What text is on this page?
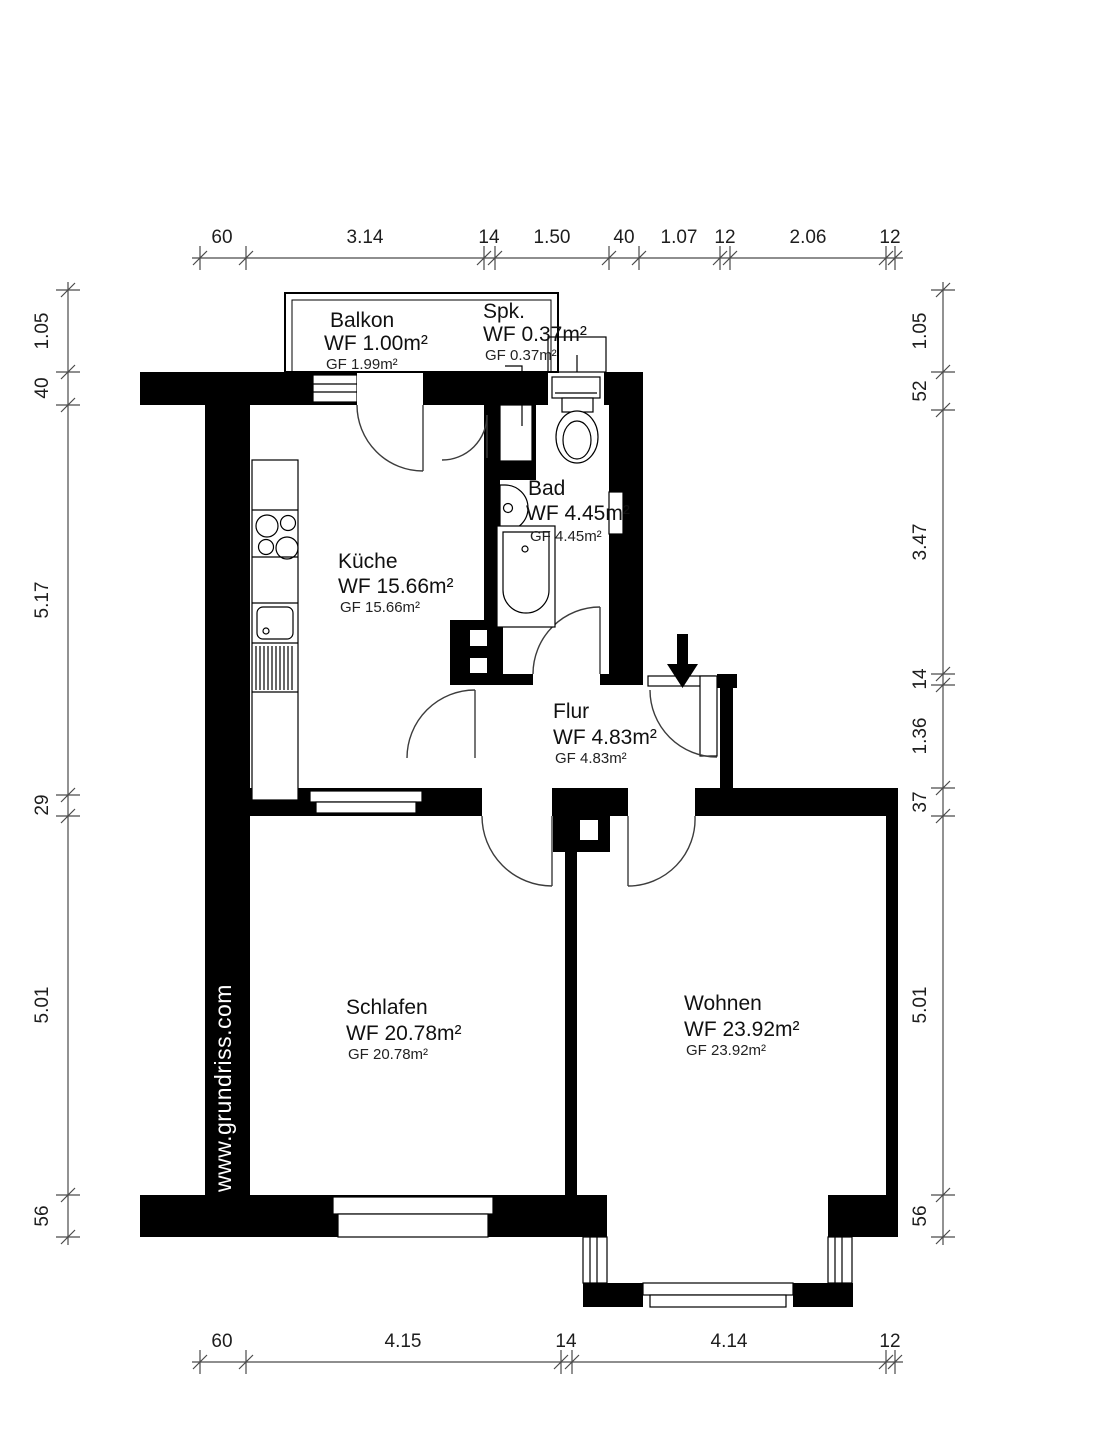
Balkon
WF 1.00m²
GF 1.99m²
Spk.
WF 0.37m²
GF 0.37m²
Bad
WF 4.45m²
GF 4.45m²
Küche
WF 15.66m²
GF 15.66m²
Flur
WF 4.83m²
GF 4.83m²
Schlafen
WF 20.78m²
GF 20.78m²
Wohnen
WF 23.92m²
GF 23.92m²
www.grundriss.com
60	3.14	14 1.50 40 1.07 12	2.06	12
60	4.15	14	4.14	12
1.05
40
5.17
29
5.01
56
1.05
52
3.47
14
1.36
37
5.01
56
